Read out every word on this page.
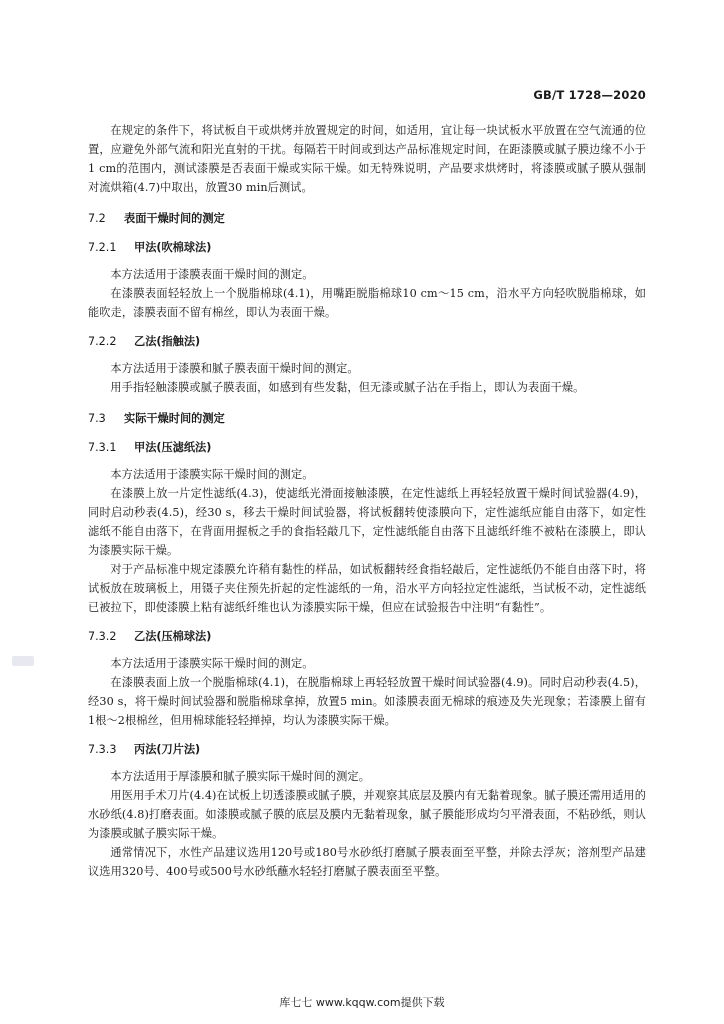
GB/T 1728—2020

在规定的条件下，将试板自干或烘烤并放置规定的时间，如适用，宜让每一块试板水平放置在空气流通的位置，应避免外部气流和阳光直射的干扰。每隔若干时间或到达产品标准规定时间，在距漆膜或腻子膜边缘不小于1 cm的范围内，测试漆膜是否表面干燥或实际干燥。如无特殊说明，产品要求烘烤时，将漆膜或腻子膜从强制对流烘箱(4.7)中取出，放置30 min后测试。

7.2 表面干燥时间的测定
7.2.1 甲法(吹棉球法)

本方法适用于漆膜表面干燥时间的测定。

在漆膜表面轻轻放上一个脱脂棉球(4.1)，用嘴距脱脂棉球10 cm～15 cm，沿水平方向轻吹脱脂棉球，如能吹走，漆膜表面不留有棉丝，即认为表面干燥。

7.2.2 乙法(指触法)

本方法适用于漆膜和腻子膜表面干燥时间的测定。

用手指轻触漆膜或腻子膜表面，如感到有些发黏，但无漆或腻子沾在手指上，即认为表面干燥。

7.3 实际干燥时间的测定
7.3.1 甲法(压滤纸法)

本方法适用于漆膜实际干燥时间的测定。

在漆膜上放一片定性滤纸(4.3)，使滤纸光滑面接触漆膜，在定性滤纸上再轻轻放置干燥时间试验器(4.9)，同时启动秒表(4.5)，经30 s，移去干燥时间试验器，将试板翻转使漆膜向下，定性滤纸应能自由落下，如定性滤纸不能自由落下，在背面用握板之手的食指轻敲几下，定性滤纸能自由落下且滤纸纤维不被粘在漆膜上，即认为漆膜实际干燥。

对于产品标准中规定漆膜允许稍有黏性的样品，如试板翻转经食指轻敲后，定性滤纸仍不能自由落下时，将试板放在玻璃板上，用镊子夹住预先折起的定性滤纸的一角，沿水平方向轻拉定性滤纸，当试板不动，定性滤纸已被拉下，即使漆膜上粘有滤纸纤维也认为漆膜实际干燥，但应在试验报告中注明“有黏性”。

7.3.2 乙法(压棉球法)

本方法适用于漆膜实际干燥时间的测定。

在漆膜表面上放一个脱脂棉球(4.1)，在脱脂棉球上再轻轻放置干燥时间试验器(4.9)。同时启动秒表(4.5)，经30 s，将干燥时间试验器和脱脂棉球拿掉，放置5 min。如漆膜表面无棉球的痕迹及失光现象；若漆膜上留有1根～2根棉丝，但用棉球能轻轻掸掉，均认为漆膜实际干燥。

7.3.3 丙法(刀片法)

本方法适用于厚漆膜和腻子膜实际干燥时间的测定。

用医用手术刀片(4.4)在试板上切透漆膜或腻子膜，并观察其底层及膜内有无黏着现象。腻子膜还需用适用的水砂纸(4.8)打磨表面。如漆膜或腻子膜的底层及膜内无黏着现象，腻子膜能形成均匀平滑表面，不粘砂纸，则认为漆膜或腻子膜实际干燥。

通常情况下，水性产品建议选用120号或180号水砂纸打磨腻子膜表面至平整，并除去浮灰；溶剂型产品建议选用320号、400号或500号水砂纸蘸水轻轻打磨腻子膜表面至平整。

库七七 www.kqqw.com提供下载
